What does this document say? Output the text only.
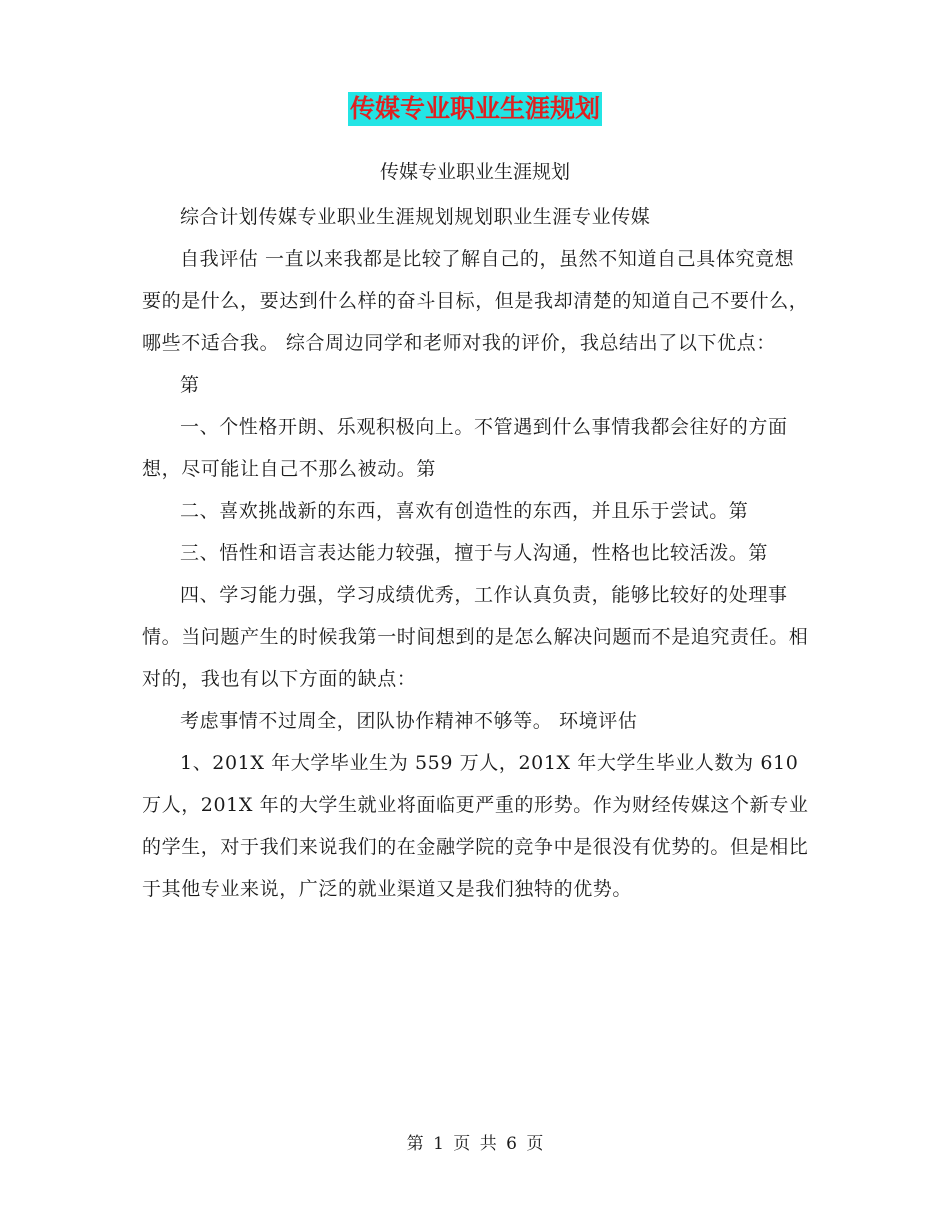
传媒专业职业生涯规划
传媒专业职业生涯规划

综合计划传媒专业职业生涯规划规划职业生涯专业传媒

自我评估 一直以来我都是比较了解自己的，虽然不知道自己具体究竟想要的是什么，要达到什么样的奋斗目标，但是我却清楚的知道自己不要什么，哪些不适合我。 综合周边同学和老师对我的评价，我总结出了以下优点：

第

一、个性格开朗、乐观积极向上。不管遇到什么事情我都会往好的方面想，尽可能让自己不那么被动。第

二、喜欢挑战新的东西，喜欢有创造性的东西，并且乐于尝试。第

三、悟性和语言表达能力较强，擅于与人沟通，性格也比较活泼。第

四、学习能力强，学习成绩优秀，工作认真负责，能够比较好的处理事情。当问题产生的时候我第一时间想到的是怎么解决问题而不是追究责任。相对的，我也有以下方面的缺点：

考虑事情不过周全，团队协作精神不够等。 环境评估

1、201X 年大学毕业生为 559 万人，201X 年大学生毕业人数为 610 万人，201X 年的大学生就业将面临更严重的形势。作为财经传媒这个新专业的学生，对于我们来说我们的在金融学院的竞争中是很没有优势的。但是相比于其他专业来说，广泛的就业渠道又是我们独特的优势。

第 1 页 共 6 页
